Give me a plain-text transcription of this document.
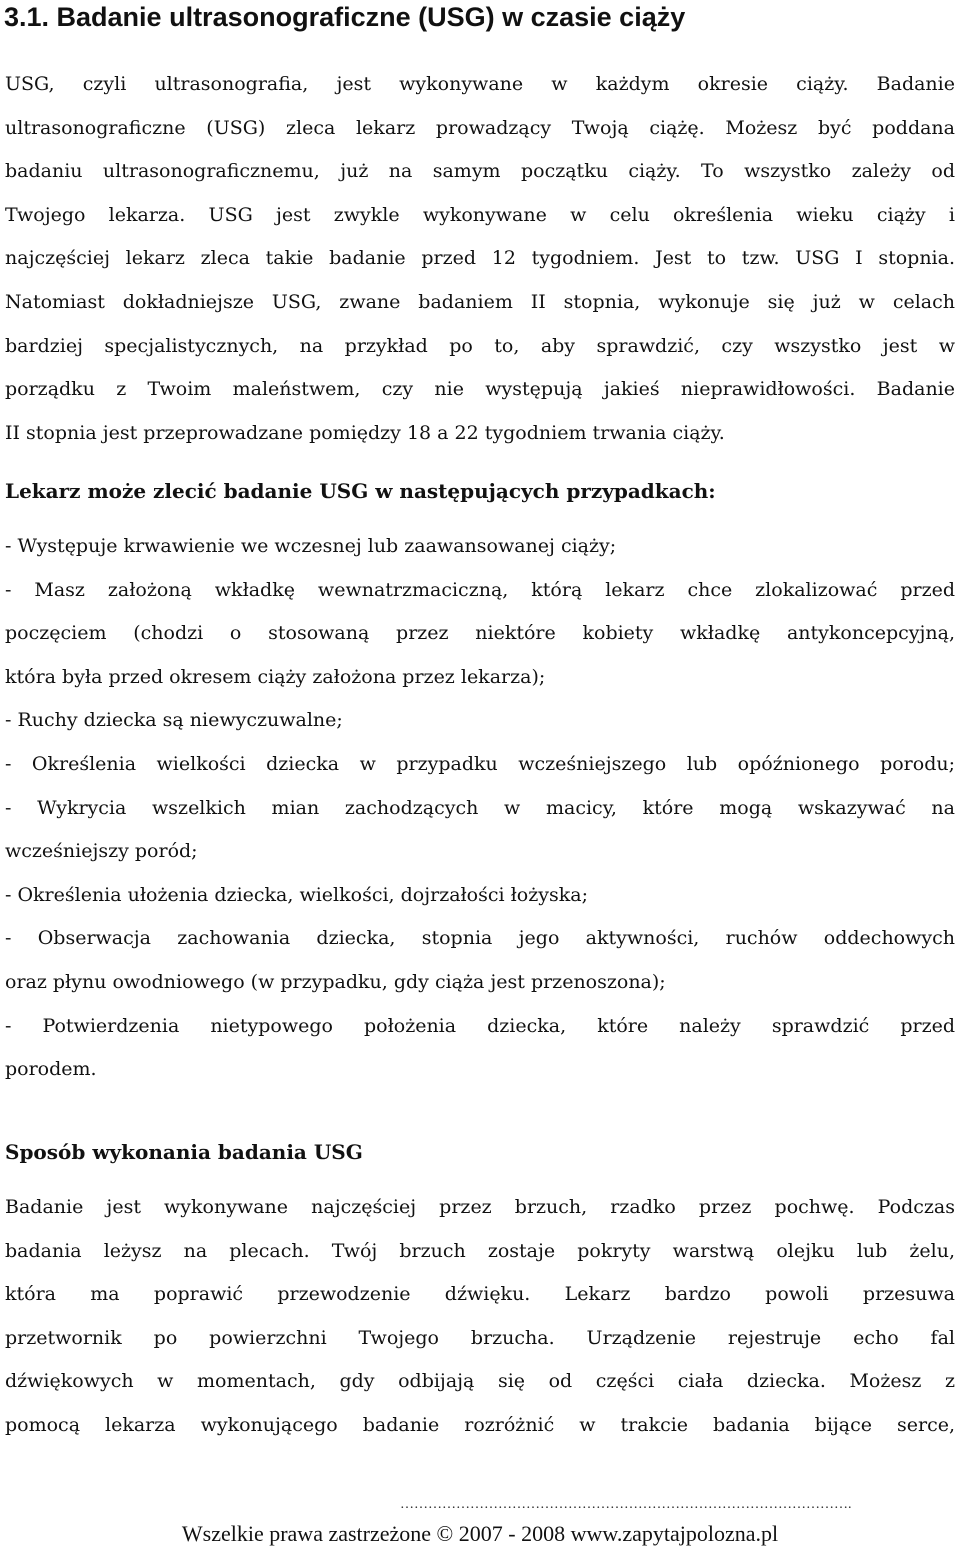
3.1. Badanie ultrasonograficzne (USG) w czasie ciąży

USG, czyli ultrasonografia, jest wykonywane w każdym okresie ciąży. Badanie
ultrasonograficzne (USG) zleca lekarz prowadzący Twoją ciążę. Możesz być poddana
badaniu ultrasonograficznemu, już na samym początku ciąży. To wszystko zależy od
Twojego lekarza. USG jest zwykle wykonywane w celu określenia wieku ciąży i
najczęściej lekarz zleca takie badanie przed 12 tygodniem. Jest to tzw. USG I stopnia.
Natomiast dokładniejsze USG, zwane badaniem II stopnia, wykonuje się już w celach
bardziej specjalistycznych, na przykład po to, aby sprawdzić, czy wszystko jest w
porządku z Twoim maleństwem, czy nie występują jakieś nieprawidłowości. Badanie
II stopnia jest przeprowadzane pomiędzy 18 a 22 tygodniem trwania ciąży.

Lekarz może zlecić badanie USG w następujących przypadkach:

- Występuje krwawienie we wczesnej lub zaawansowanej ciąży;
- Masz założoną wkładkę wewnatrzmaciczną, którą lekarz chce zlokalizować przed
poczęciem (chodzi o stosowaną przez niektóre kobiety wkładkę antykoncepcyjną,
która była przed okresem ciąży założona przez lekarza);
- Ruchy dziecka są niewyczuwalne;
- Określenia wielkości dziecka w przypadku wcześniejszego lub opóźnionego porodu;
- Wykrycia wszelkich mian zachodzących w macicy, które mogą wskazywać na
wcześniejszy poród;
- Określenia ułożenia dziecka, wielkości, dojrzałości łożyska;
- Obserwacja zachowania dziecka, stopnia jego aktywności, ruchów oddechowych
oraz płynu owodniowego (w przypadku, gdy ciąża jest przenoszona);
- Potwierdzenia nietypowego położenia dziecka, które należy sprawdzić przed
porodem.

Sposób wykonania badania USG

Badanie jest wykonywane najczęściej przez brzuch, rzadko przez pochwę. Podczas
badania leżysz na plecach. Twój brzuch zostaje pokryty warstwą olejku lub żelu,
która ma poprawić przewodzenie dźwięku. Lekarz bardzo powoli przesuwa
przetwornik po powierzchni Twojego brzucha. Urządzenie rejestruje echo fal
dźwiękowych w momentach, gdy odbijają się od części ciała dziecka. Możesz z
pomocą lekarza wykonującego badanie rozróżnić w trakcie badania bijące serce,

…………………………………………………………………………………….
Wszelkie prawa zastrzeżone © 2007 - 2008 www.zapytajpolozna.pl
